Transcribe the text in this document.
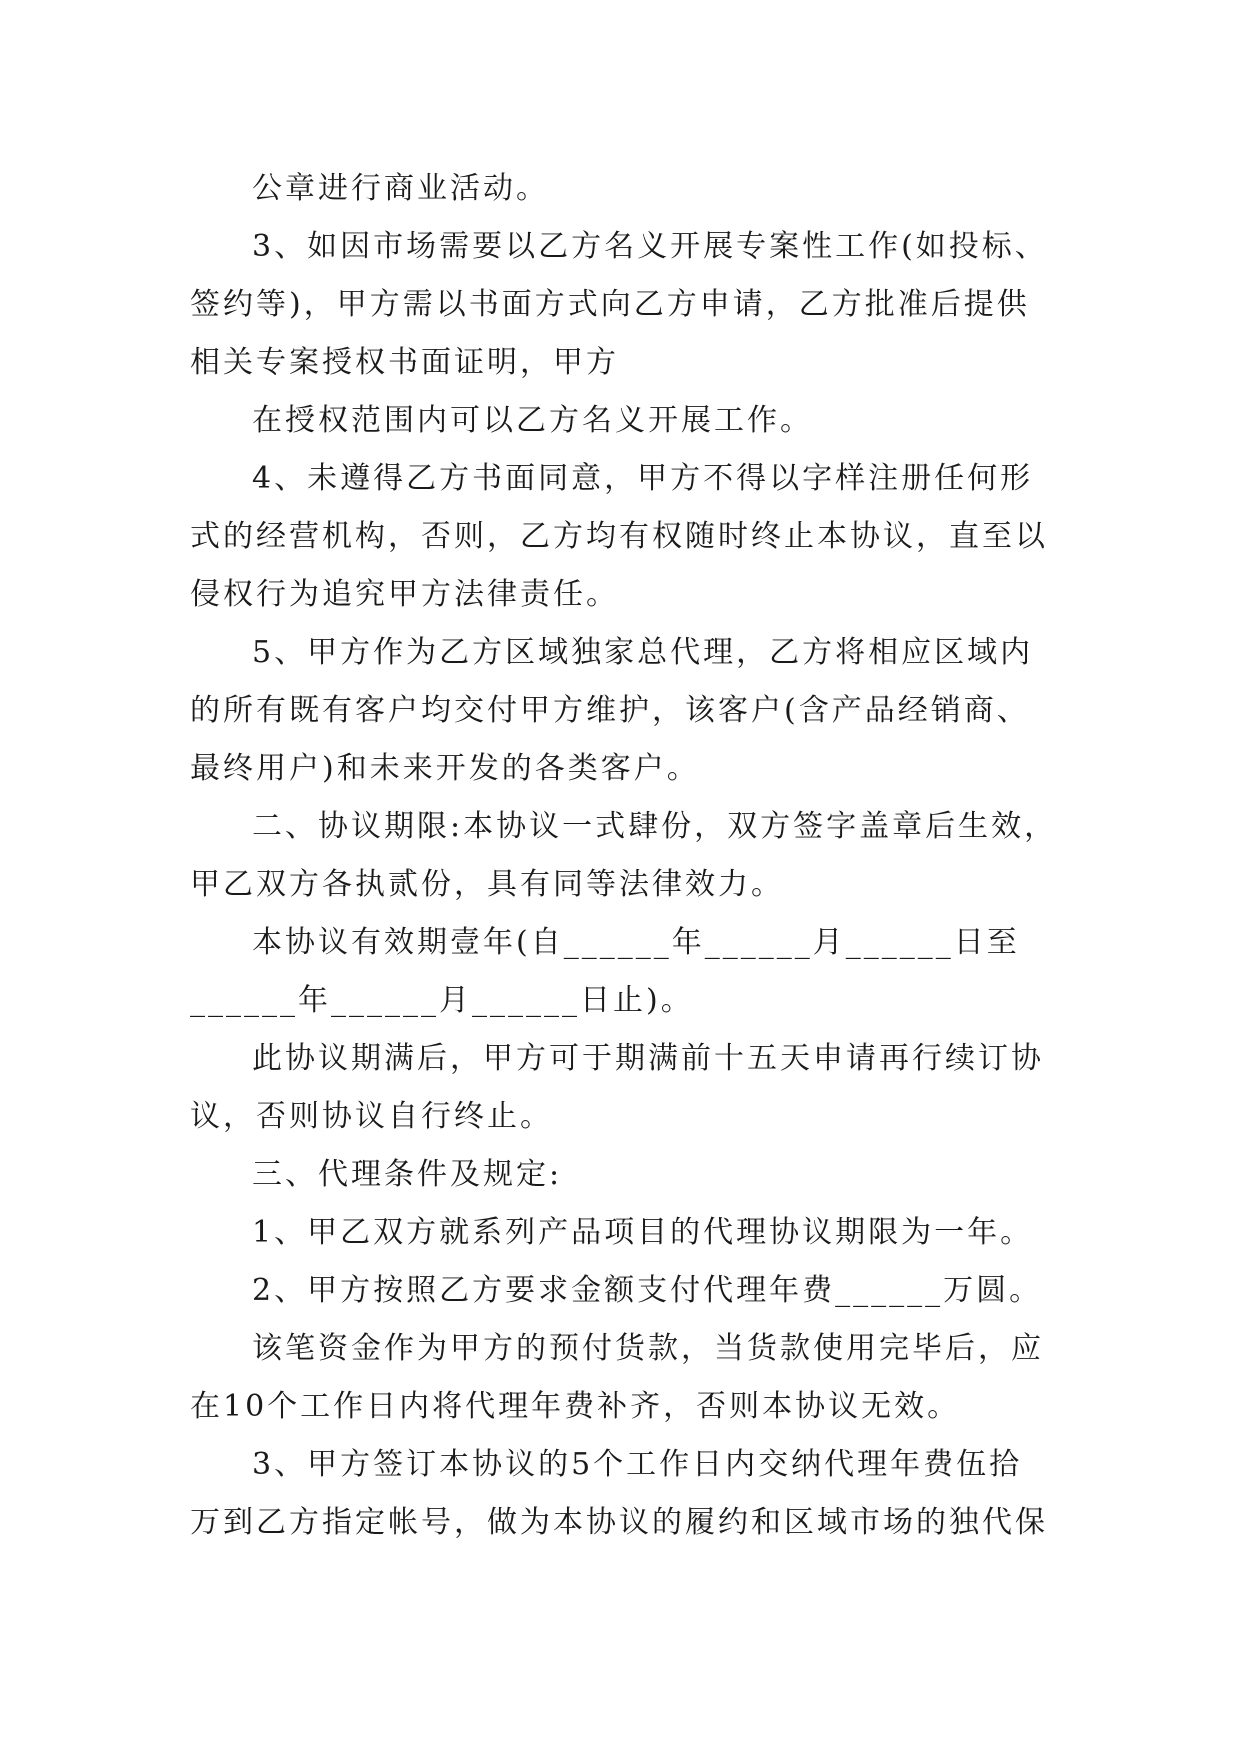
公章进行商业活动。
3、如因市场需要以乙方名义开展专案性工作(如投标、
签约等)，甲方需以书面方式向乙方申请，乙方批准后提供
相关专案授权书面证明，甲方
在授权范围内可以乙方名义开展工作。
4、未遵得乙方书面同意，甲方不得以字样注册任何形
式的经营机构，否则，乙方均有权随时终止本协议，直至以
侵权行为追究甲方法律责任。
5、甲方作为乙方区域独家总代理，乙方将相应区域内
的所有既有客户均交付甲方维护，该客户(含产品经销商、
最终用户)和未来开发的各类客户。
二、协议期限:本协议一式肆份，双方签字盖章后生效，
甲乙双方各执贰份，具有同等法律效力。
本协议有效期壹年(自______年______月______日至
______年______月______日止)。
此协议期满后，甲方可于期满前十五天申请再行续订协
议，否则协议自行终止。
三、代理条件及规定:
1、甲乙双方就系列产品项目的代理协议期限为一年。
2、甲方按照乙方要求金额支付代理年费______万圆。
该笔资金作为甲方的预付货款，当货款使用完毕后，应
在10个工作日内将代理年费补齐，否则本协议无效。
3、甲方签订本协议的5个工作日内交纳代理年费伍拾
万到乙方指定帐号，做为本协议的履约和区域市场的独代保
